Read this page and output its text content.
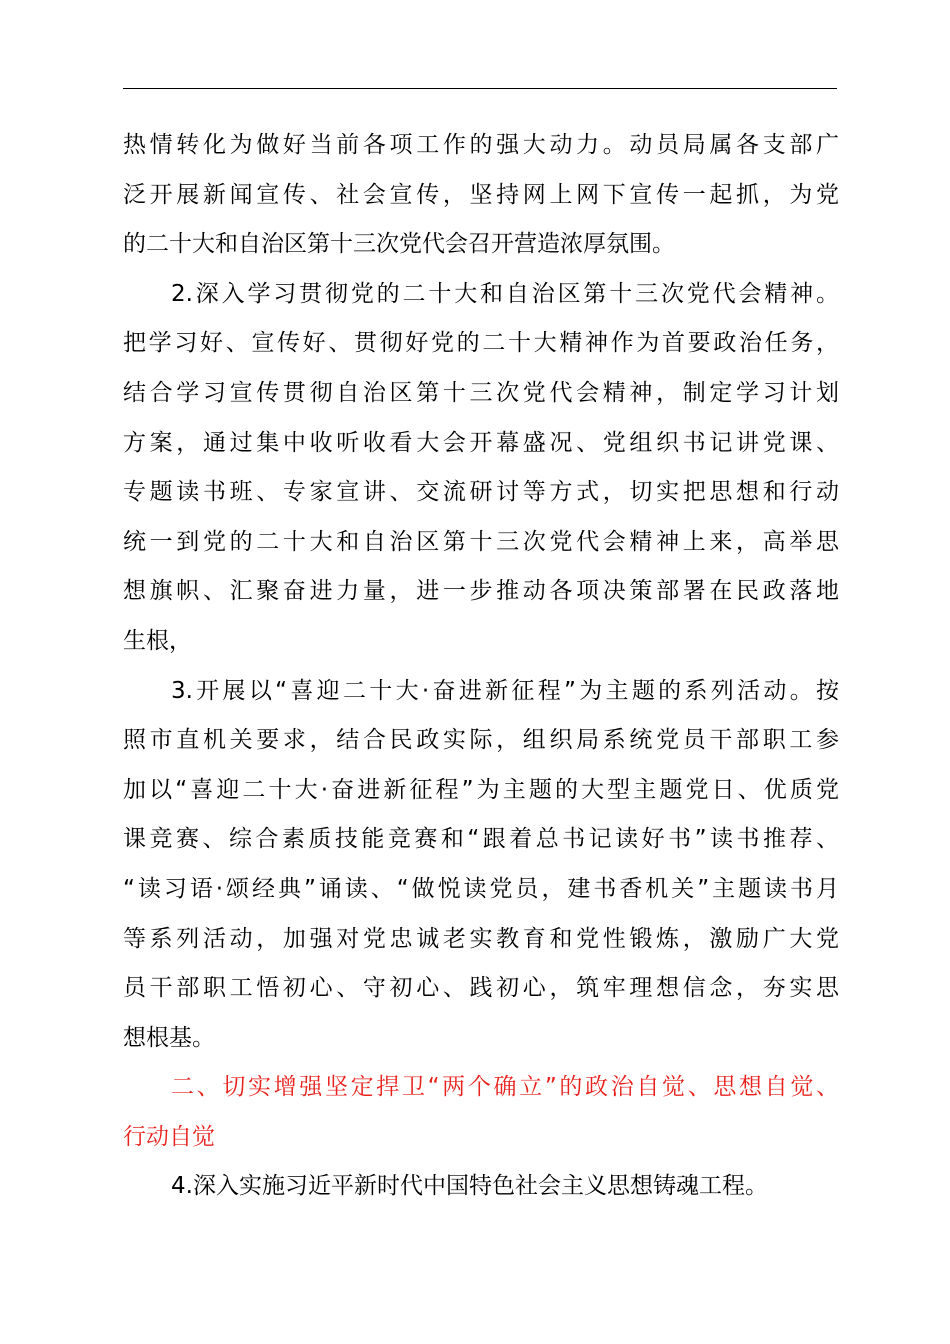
热情转化为做好当前各项工作的强大动力。动员局属各支部广
泛开展新闻宣传、社会宣传，坚持网上网下宣传一起抓，为党
的二十大和自治区第十三次党代会召开营造浓厚氛围。
2.深入学习贯彻党的二十大和自治区第十三次党代会精神。
把学习好、宣传好、贯彻好党的二十大精神作为首要政治任务，
结合学习宣传贯彻自治区第十三次党代会精神，制定学习计划
方案，通过集中收听收看大会开幕盛况、党组织书记讲党课、
专题读书班、专家宣讲、交流研讨等方式，切实把思想和行动
统一到党的二十大和自治区第十三次党代会精神上来，高举思
想旗帜、汇聚奋进力量，进一步推动各项决策部署在民政落地
生根，
3.开展以“喜迎二十大·奋进新征程”为主题的系列活动。按
照市直机关要求，结合民政实际，组织局系统党员干部职工参
加以“喜迎二十大·奋进新征程”为主题的大型主题党日、优质党
课竞赛、综合素质技能竞赛和“跟着总书记读好书”读书推荐、
“读习语·颂经典”诵读、“做悦读党员，建书香机关”主题读书月
等系列活动，加强对党忠诚老实教育和党性锻炼，激励广大党
员干部职工悟初心、守初心、践初心，筑牢理想信念，夯实思
想根基。
二、切实增强坚定捍卫“两个确立”的政治自觉、思想自觉、
行动自觉
4.深入实施习近平新时代中国特色社会主义思想铸魂工程。
